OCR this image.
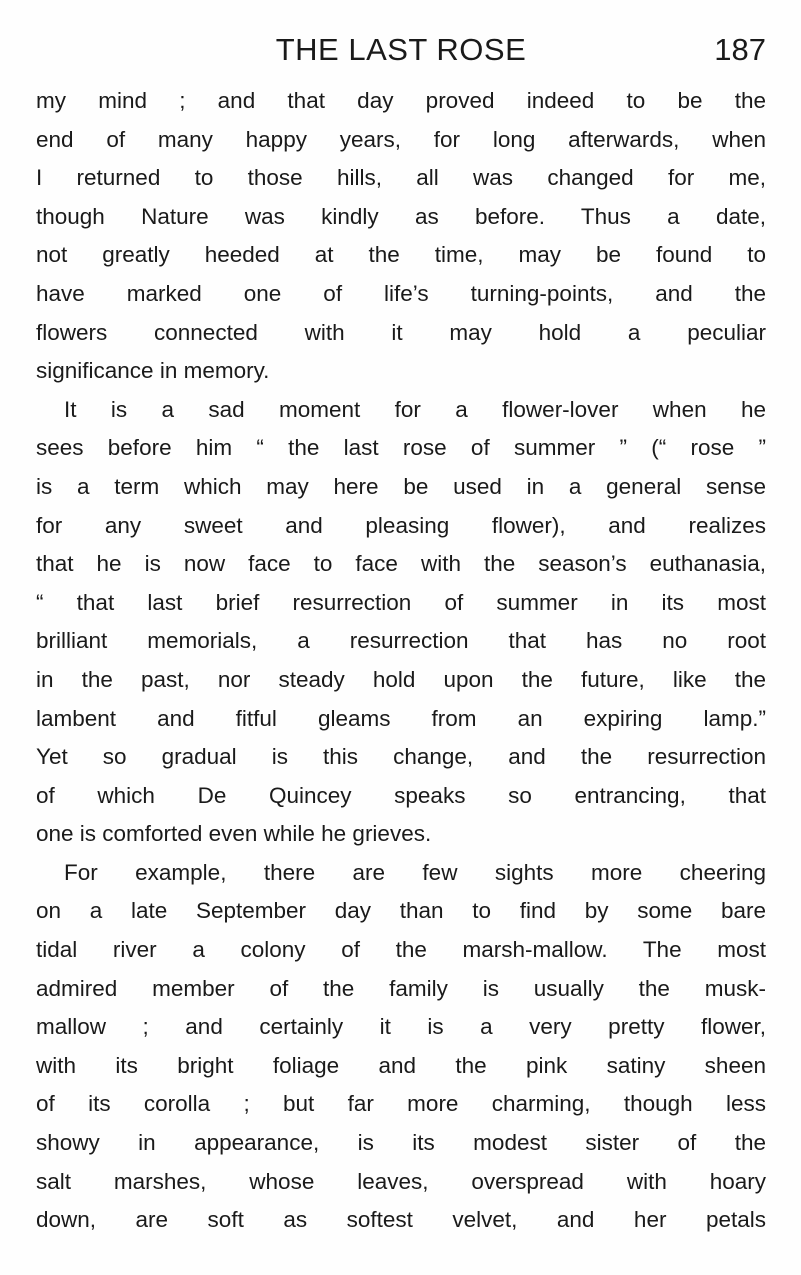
THE LAST ROSE	187
my mind ; and that day proved indeed to be the
end of many happy years, for long afterwards, when
I returned to those hills, all was changed for me,
though Nature was kindly as before. Thus a date,
not greatly heeded at the time, may be found to
have marked one of life’s turning-points, and the
flowers connected with it may hold a peculiar
significance in memory.
It is a sad moment for a flower-lover when he
sees before him “ the last rose of summer ” (“ rose ”
is a term which may here be used in a general sense
for any sweet and pleasing flower), and realizes
that he is now face to face with the season’s euthanasia,
“ that last brief resurrection of summer in its most
brilliant memorials, a resurrection that has no root
in the past, nor steady hold upon the future, like the
lambent and fitful gleams from an expiring lamp.”
Yet so gradual is this change, and the resurrection
of which De Quincey speaks so entrancing, that
one is comforted even while he grieves.
For example, there are few sights more cheering
on a late September day than to find by some bare
tidal river a colony of the marsh-mallow. The most
admired member of the family is usually the musk-
mallow ; and certainly it is a very pretty flower,
with its bright foliage and the pink satiny sheen
of its corolla ; but far more charming, though less
showy in appearance, is its modest sister of the
salt marshes, whose leaves, overspread with hoary
down, are soft as softest velvet, and her petals
